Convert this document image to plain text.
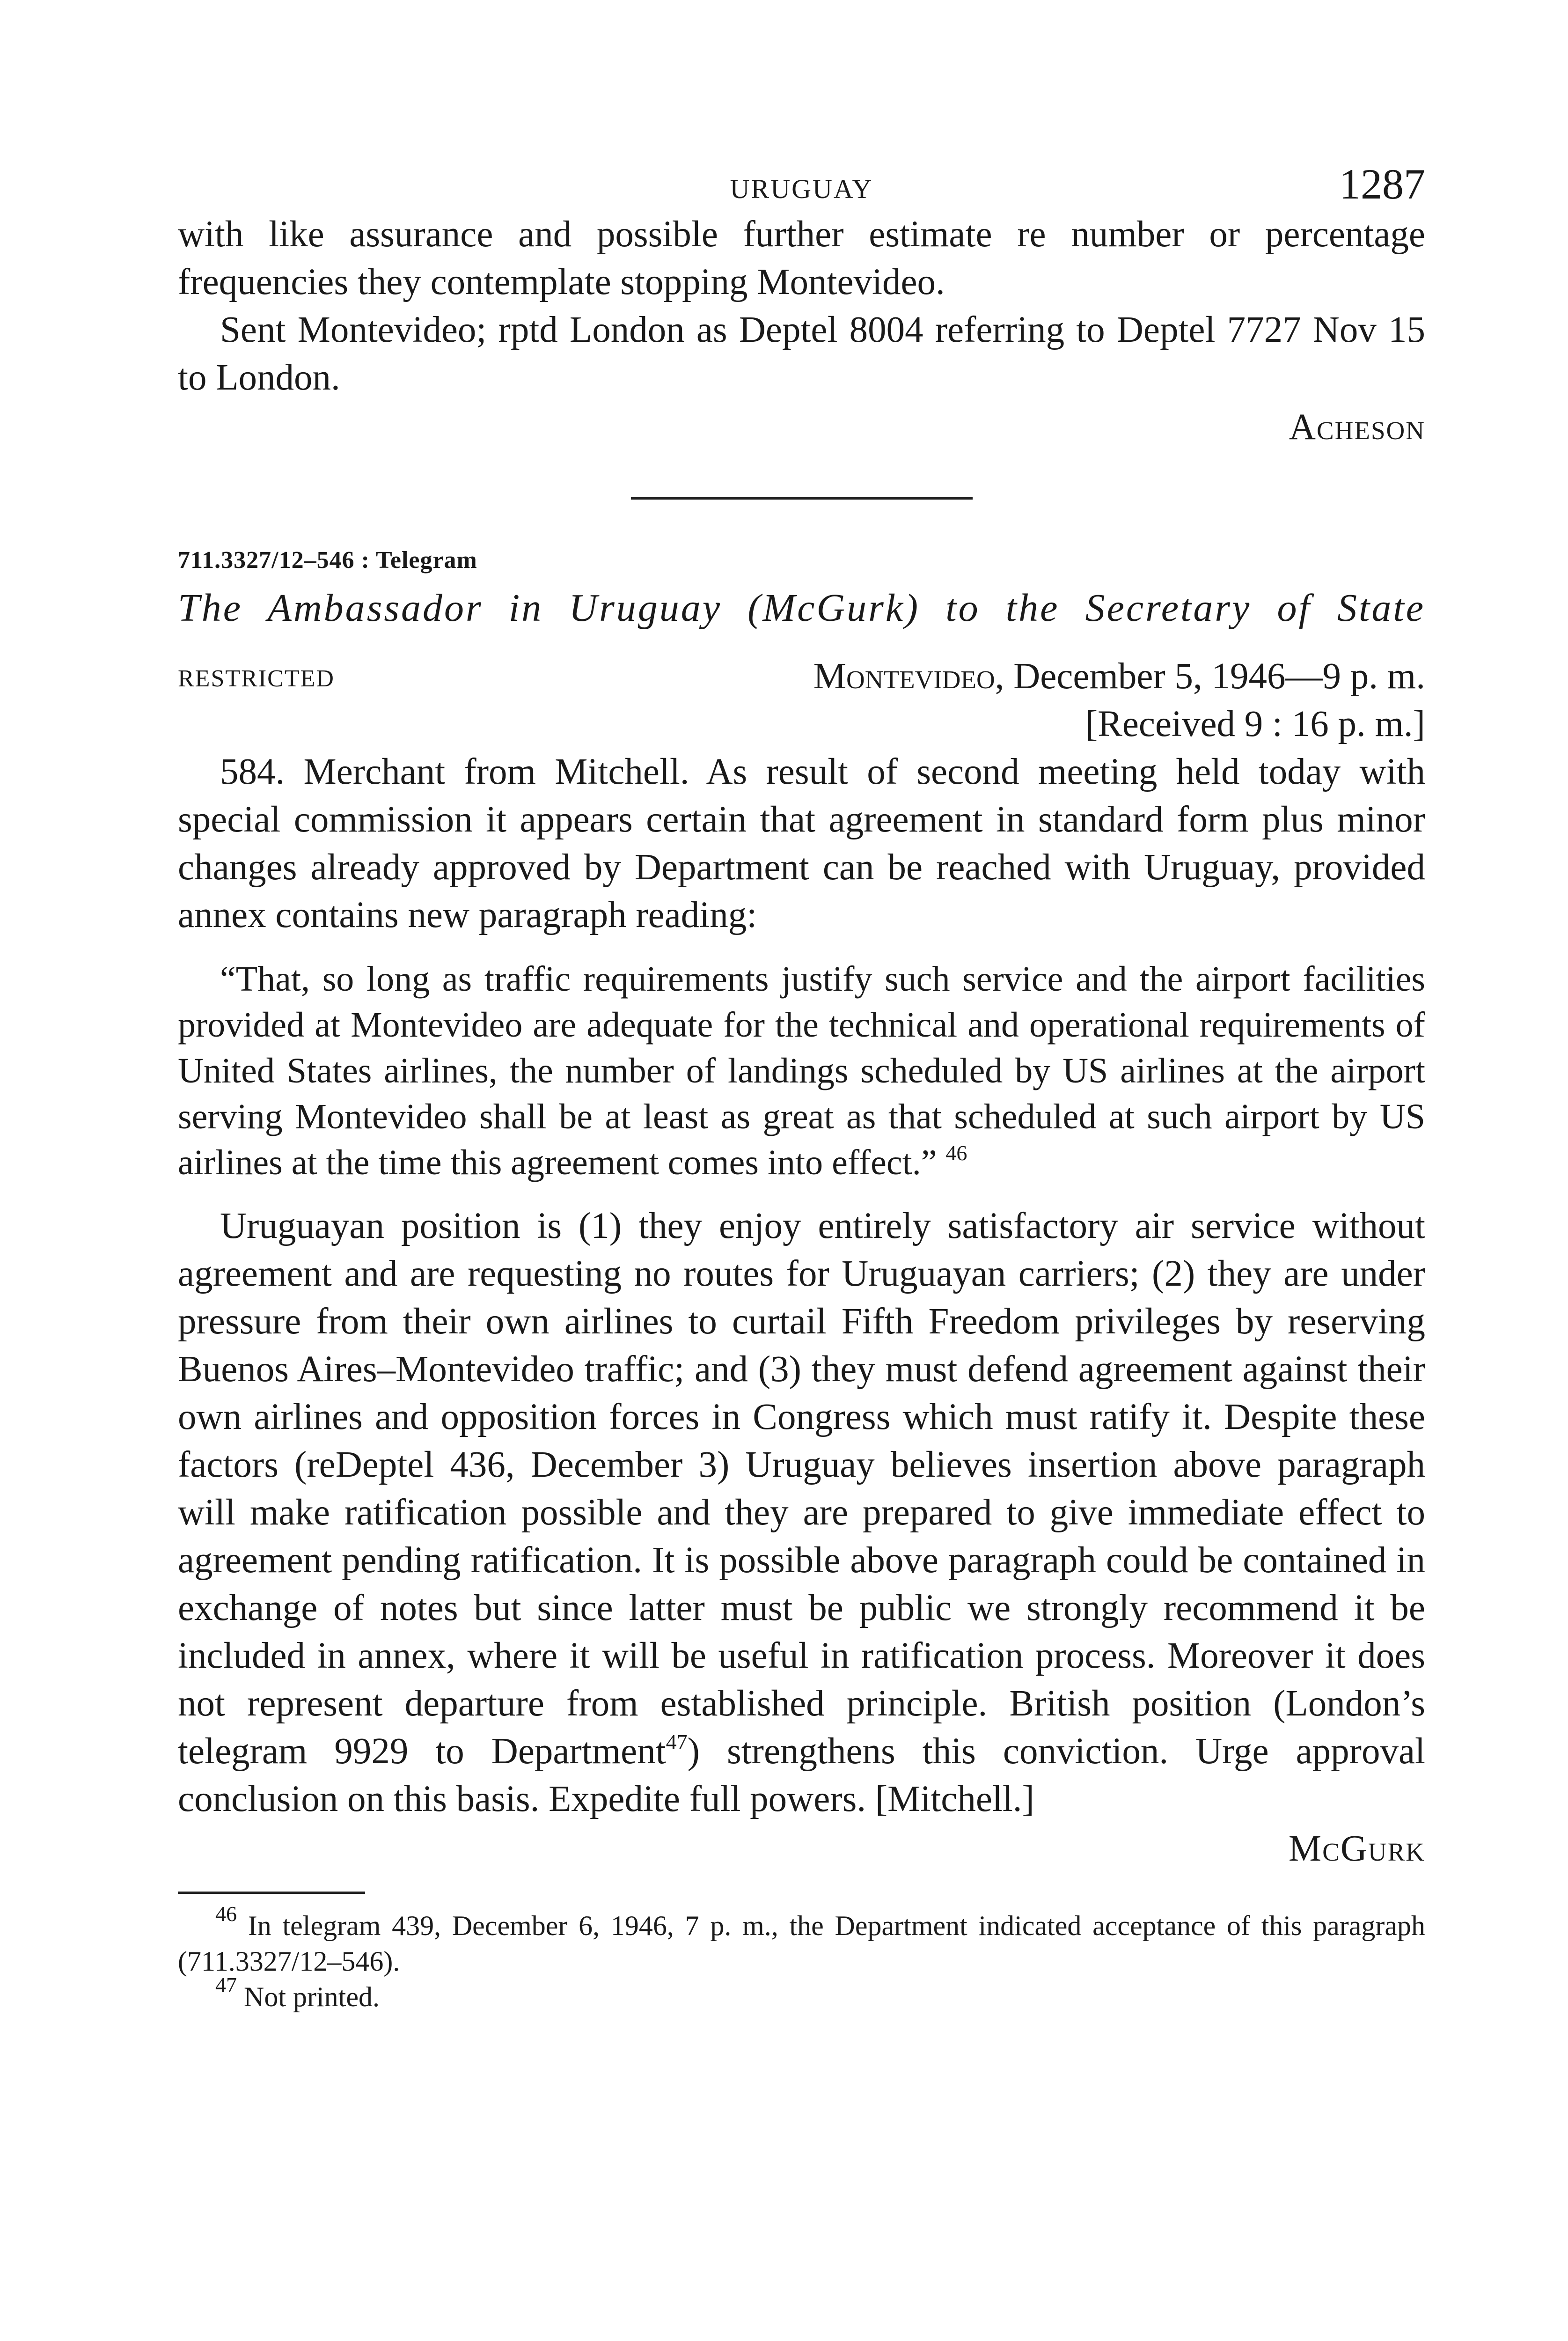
URUGUAY	1287

with like assurance and possible further estimate re number or percentage frequencies they contemplate stopping Montevideo.

Sent Montevideo; rptd London as Deptel 8004 referring to Deptel 7727 Nov 15 to London.

Acheson
711.3327/12–546 : Telegram
The Ambassador in Uruguay (McGurk) to the Secretary of State
RESTRICTED	Montevideo, December 5, 1946—9 p. m.
[Received 9 : 16 p. m.]

584. Merchant from Mitchell. As result of second meeting held today with special commission it appears certain that agreement in standard form plus minor changes already approved by Department can be reached with Uruguay, provided annex contains new paragraph reading:

“That, so long as traffic requirements justify such service and the airport facilities provided at Montevideo are adequate for the technical and operational requirements of United States airlines, the number of landings scheduled by US airlines at the airport serving Montevideo shall be at least as great as that scheduled at such airport by US airlines at the time this agreement comes into effect.” $^{46}$

Uruguayan position is (1) they enjoy entirely satisfactory air service without agreement and are requesting no routes for Uruguayan carriers; (2) they are under pressure from their own airlines to curtail Fifth Freedom privileges by reserving Buenos Aires–Montevideo traffic; and (3) they must defend agreement against their own airlines and opposition forces in Congress which must ratify it. Despite these factors (reDeptel 436, December 3) Uruguay believes insertion above paragraph will make ratification possible and they are prepared to give immediate effect to agreement pending ratification. It is possible above paragraph could be contained in exchange of notes but since latter must be public we strongly recommend it be included in annex, where it will be useful in ratification process. Moreover it does not represent departure from established principle. British position (London’s telegram 9929 to Department$^{47}$) strengthens this conviction. Urge approval conclusion on this basis. Expedite full powers. [Mitchell.]

McGurk

$^{46}$ In telegram 439, December 6, 1946, 7 p. m., the Department indicated acceptance of this paragraph (711.3327/12–546).

$^{47}$ Not printed.
